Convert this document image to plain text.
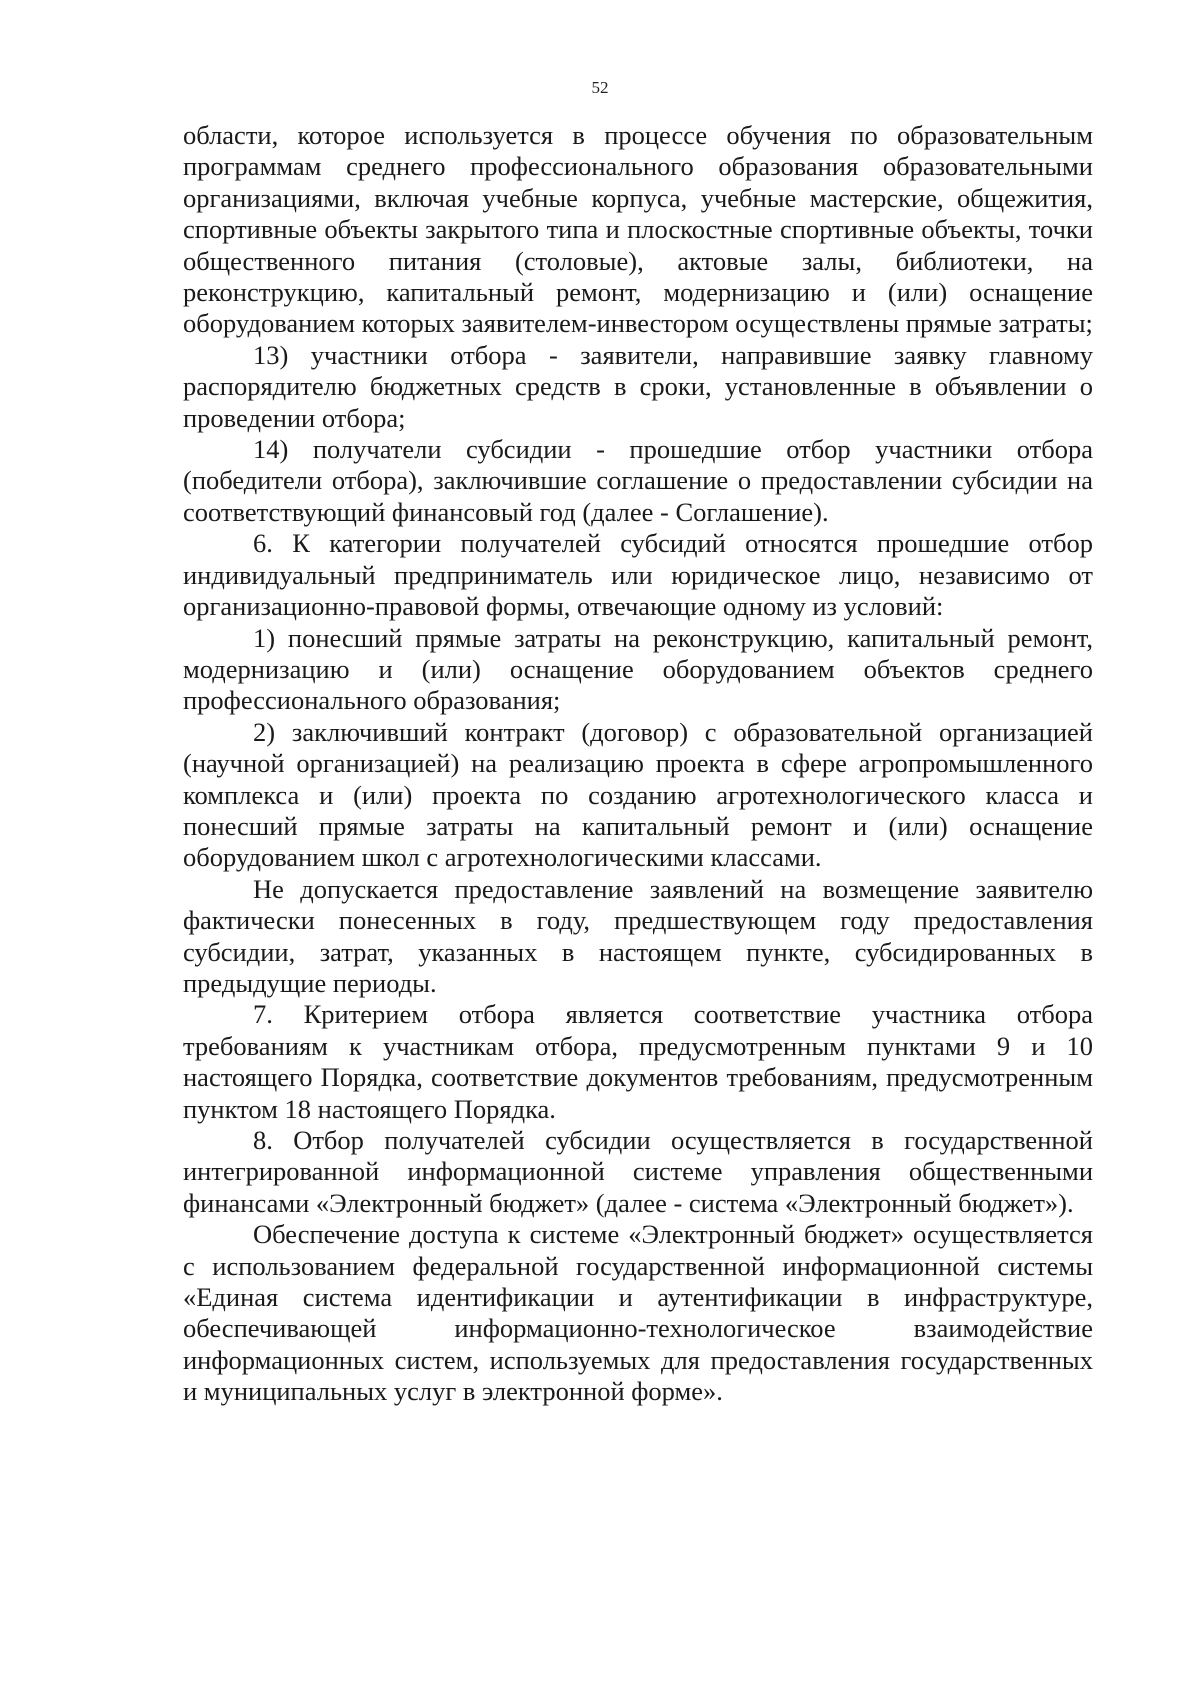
52

области, которое используется в процессе обучения по образовательным программам среднего профессионального образования образовательными организациями, включая учебные корпуса, учебные мастерские, общежития, спортивные объекты закрытого типа и плоскостные спортивные объекты, точки общественного питания (столовые), актовые залы, библиотеки, на реконструкцию, капитальный ремонт, модернизацию и (или) оснащение оборудованием которых заявителем-инвестором осуществлены прямые затраты;

13) участники отбора - заявители, направившие заявку главному распорядителю бюджетных средств в сроки, установленные в объявлении о проведении отбора;

14) получатели субсидии - прошедшие отбор участники отбора (победители отбора), заключившие соглашение о предоставлении субсидии на соответствующий финансовый год (далее - Соглашение).

6. К категории получателей субсидий относятся прошедшие отбор индивидуальный предприниматель или юридическое лицо, независимо от организационно-правовой формы, отвечающие одному из условий:

1) понесший прямые затраты на реконструкцию, капитальный ремонт, модернизацию и (или) оснащение оборудованием объектов среднего профессионального образования;

2) заключивший контракт (договор) с образовательной организацией (научной организацией) на реализацию проекта в сфере агропромышленного комплекса и (или) проекта по созданию агротехнологического класса и понесший прямые затраты на капитальный ремонт и (или) оснащение оборудованием школ с агротехнологическими классами.

Не допускается предоставление заявлений на возмещение заявителю фактически понесенных в году, предшествующем году предоставления субсидии, затрат, указанных в настоящем пункте, субсидированных в предыдущие периоды.

7. Критерием отбора является соответствие участника отбора требованиям к участникам отбора, предусмотренным пунктами 9 и 10 настоящего Порядка, соответствие документов требованиям, предусмотренным пунктом 18 настоящего Порядка.

8. Отбор получателей субсидии осуществляется в государственной интегрированной информационной системе управления общественными финансами «Электронный бюджет» (далее - система «Электронный бюджет»).

Обеспечение доступа к системе «Электронный бюджет» осуществляется с использованием федеральной государственной информационной системы «Единая система идентификации и аутентификации в инфраструктуре, обеспечивающей информационно-технологическое взаимодействие информационных систем, используемых для предоставления государственных и муниципальных услуг в электронной форме».
